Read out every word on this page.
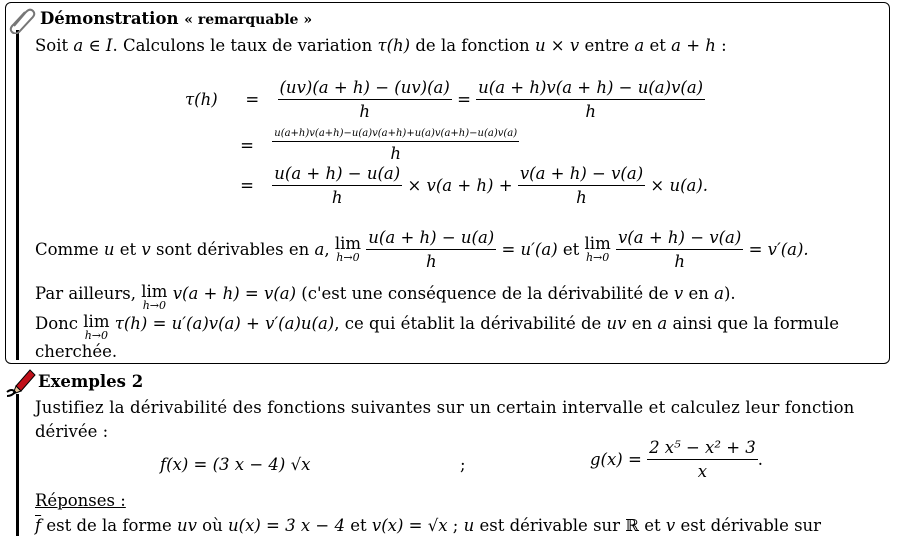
Démonstration « remarquable »
Soit a ∈ I. Calculons le taux de variation τ(h) de la fonction u × v entre a et a + h :
$\tau(h) = \frac{(uv)(a + h) - (uv)(a)}{h} = \frac{u(a + h)v(a + h) - u(a)v(a)}{h}$
= $\frac{u(a+h)v(a+h)-u(a)v(a+h)+u(a)v(a+h)-u(a)v(a)}{h}$
= $\frac{u(a + h) - u(a)}{h} \times v(a + h) + \frac{v(a + h) - v(a)}{h} \times u(a)$.
Comme u et v sont dérivables en a, lim
h→0
$\frac{u(a + h) - u(a)}{h} = u'(a)$ et lim
h→0
$\frac{v(a + h) - v(a)}{h} = v'(a)$.
Par ailleurs, lim
h→0
v(a + h) = v(a) (c'est une conséquence de la dérivabilité de v en a).
Donc lim
h→0
τ(h) = u′(a)v(a) + v′(a)u(a), ce qui établit la dérivabilité de uv en a ainsi que la formule
cherchée.
Exemples 2
Justifiez la dérivabilité des fonctions suivantes sur un certain intervalle et calculez leur fonction
dérivée :
f(x) = (3 x − 4) √x	;	$g(x) = \frac{\text{2 x⁵ − x² + 3}}{x}$ .
Réponses :
$\overline{f}$ est de la forme uv où u(x) = 3 x − 4 et v(x) = √x ; u est dérivable sur ℝ et v est dérivable sur
